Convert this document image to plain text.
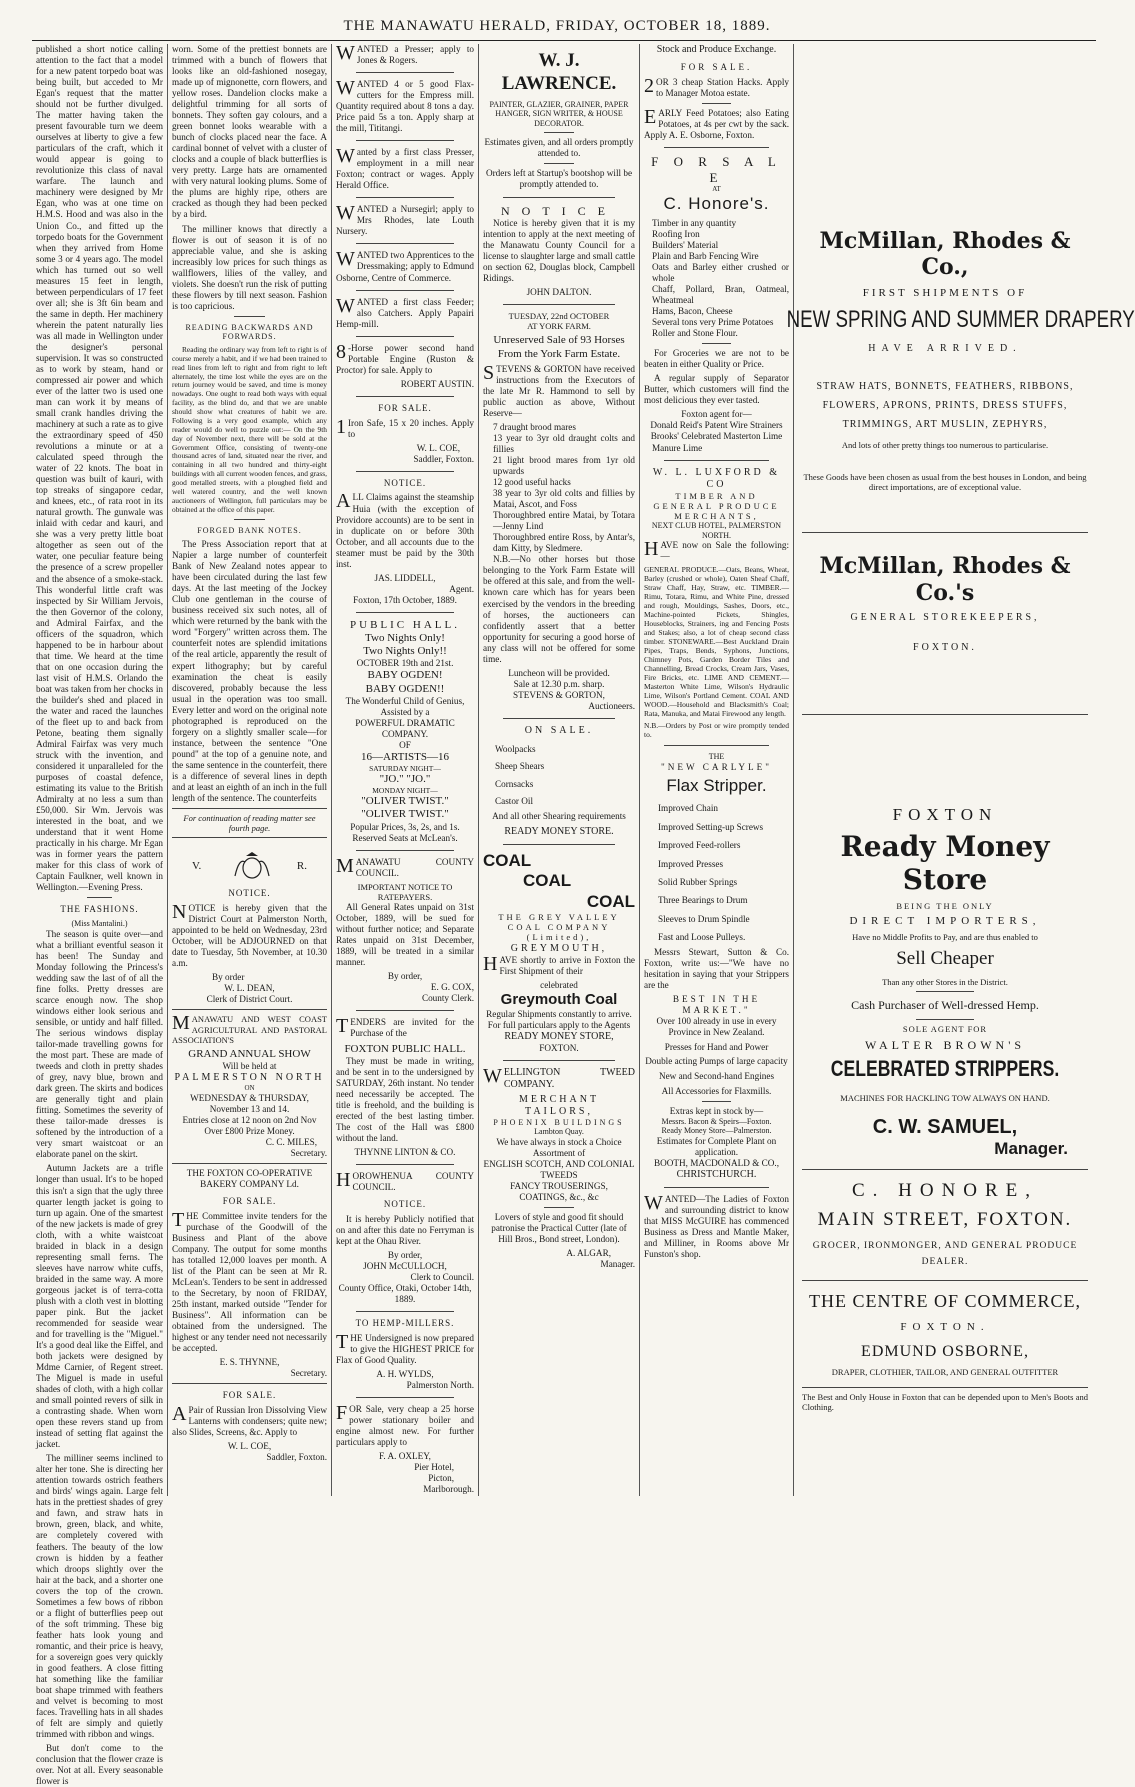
THE MANAWATU HERALD, FRIDAY, OCTOBER 18, 1889.

published a short notice calling attention to the fact that a model for a new patent torpedo boat was being built, but acceded to Mr Egan's request that the matter should not be further divulged. The matter having taken the present favourable turn we deem ourselves at liberty to give a few particulars of the craft, which it would appear is going to revolutionize this class of naval warfare. The launch and machinery were designed by Mr Egan, who was at one time on H.M.S. Hood and was also in the Union Co., and fitted up the torpedo boats for the Government when they arrived from Home some 3 or 4 years ago. The model which has turned out so well measures 15 feet in length, between perpendiculars of 17 feet over all; she is 3ft 6in beam and the same in depth. Her machinery wherein the patent naturally lies was all made in Wellington under the designer's personal supervision. It was so constructed as to work by steam, hand or compressed air power and which ever of the latter two is used one man can work it by means of small crank handles driving the machinery at such a rate as to give the extraordinary speed of 450 revolutions a minute or at a calculated speed through the water of 22 knots. The boat in question was built of kauri, with top streaks of singapore cedar, and knees, etc., of rata root in its natural growth. The gunwale was inlaid with cedar and kauri, and she was a very pretty little boat altogether as seen out of the water, one peculiar feature being the presence of a screw propeller and the absence of a smoke-stack. This wonderful little craft was inspected by Sir William Jervois, the then Governor of the colony, and Admiral Fairfax, and the officers of the squadron, which happened to be in harbour about that time. We heard at the time that on one occasion during the last visit of H.M.S. Orlando the boat was taken from her chocks in the builder's shed and placed in the water and raced the launches of the fleet up to and back from Petone, beating them signally Admiral Fairfax was very much struck with the invention, and considered it unparalleled for the purposes of coastal defence, estimating its value to the British Admiralty at no less a sum than £50,000. Sir Wm. Jervois was interested in the boat, and we understand that it went Home practically in his charge. Mr Egan was in former years the pattern maker for this class of work of Captain Faulkner, well known in Wellington.—Evening Press.

THE FASHIONS.
(Miss Mantalini.)

The season is quite over—and what a brilliant eventful season it has been! The Sunday and Monday following the Princess's wedding saw the last of of all the fine folks. Pretty dresses are scarce enough now. The shop windows either look serious and sensible, or untidy and half filled. The serious windows display tailor-made travelling gowns for the most part. These are made of tweeds and cloth in pretty shades of grey, navy blue, brown and dark green. The skirts and bodices are generally tight and plain fitting. Sometimes the severity of these tailor-made dresses is softened by the introduction of a very smart waistcoat or an elaborate panel on the skirt.

Autumn Jackets are a trifle longer than usual. It's to be hoped this isn't a sign that the ugly three quarter length jacket is going to turn up again. One of the smartest of the new jackets is made of grey cloth, with a white waistcoat braided in black in a design representing small ferns. The sleeves have narrow white cuffs, braided in the same way. A more gorgeous jacket is of terra-cotta plush with a cloth vest in blotting paper pink. But the jacket recommended for seaside wear and for travelling is the "Miguel." It's a good deal like the Eiffel, and both jackets were designed by Mdme Carnier, of Regent street. The Miguel is made in useful shades of cloth, with a high collar and small pointed revers of silk in a contrasting shade. When worn open these revers stand up from instead of setting flat against the jacket.

The milliner seems inclined to alter her tone. She is directing her attention towards ostrich feathers and birds' wings again. Large felt hats in the prettiest shades of grey and fawn, and straw hats in brown, green, black, and white, are completely covered with feathers. The beauty of the low crown is hidden by a feather which droops slightly over the hair at the back, and a shorter one covers the top of the crown. Sometimes a few bows of ribbon or a flight of butterflies peep out of the soft trimming. These big feather hats look young and romantic, and their price is heavy, for a sovereign goes very quickly in good feathers. A close fitting hat something like the familiar boat shape trimmed with feathers and velvet is becoming to most faces. Travelling hats in all shades of felt are simply and quietly trimmed with ribbon and wings.

But don't come to the conclusion that the flower craze is over. Not at all. Every seasonable flower is

worn. Some of the prettiest bonnets are trimmed with a bunch of flowers that looks like an old-fashioned nosegay, made up of mignonette, corn flowers, and yellow roses. Dandelion clocks make a delightful trimming for all sorts of bonnets. They soften gay colours, and a green bonnet looks wearable with a bunch of clocks placed near the face. A cardinal bonnet of velvet with a cluster of clocks and a couple of black butterflies is very pretty. Large hats are ornamented with very natural looking plums. Some of the plums are highly ripe, others are cracked as though they had been pecked by a bird.

The milliner knows that directly a flower is out of season it is of no appreciable value, and she is asking increasibly low prices for such things as wallflowers, lilies of the valley, and violets. She doesn't run the risk of putting these flowers by till next season. Fashion is too capricious.

READING BACKWARDS AND FORWARDS.

Reading the ordinary way from left to right is of course merely a habit, and if we had been trained to read lines from left to right and from right to left alternately, the time lost while the eyes are on the return journey would be saved, and time is money nowadays. One ought to read both ways with equal facility, as the blind do, and that we are unable should show what creatures of habit we are. Following is a very good example, which any reader would do well to puzzle out:— On the 9th day of November next, there will be sold at the Government Office, consisting of twenty-one thousand acres of land, situated near the river, and containing in all two hundred and thirty-eight buildings with all current wooden fences, and grass, good metalled streets, with a ploughed field and well watered country, and the well known auctioneers of Wellington, full particulars may be obtained at the office of this paper.

FORGED BANK NOTES.

The Press Association report that at Napier a large number of counterfeit Bank of New Zealand notes appear to have been circulated during the last few days. At the last meeting of the Jockey Club one gentleman in the course of business received six such notes, all of which were returned by the bank with the word "Forgery" written across them. The counterfeit notes are splendid imitations of the real article, apparently the result of expert lithography; but by careful examination the cheat is easily discovered, probably because the less usual in the operation was too small. Every letter and word on the original note photographed is reproduced on the forgery on a slightly smaller scale—for instance, between the sentence "One pound" at the top of a genuine note, and the same sentence in the counterfeit, there is a difference of several lines in depth and at least an eighth of an inch in the full length of the sentence. The counterfeits

For continuation of reading matter see fourth page.
V.	R.
NOTICE.

NOTICE is hereby given that the District Court at Palmerston North, appointed to be held on Wednesday, 23rd October, will be ADJOURNED on that date to Tuesday, 5th November, at 10.30 a.m.

By order

W. L. DEAN,
Clerk of District Court.

MANAWATU AND WEST COAST AGRICULTURAL AND PASTORAL ASSOCIATION'S

GRAND ANNUAL SHOW
Will be held at
PALMERSTON NORTH
ON
WEDNESDAY & THURSDAY,
November 13 and 14.
Entries close at 12 noon on 2nd Nov
Over £800 Prize Money.
C. C. MILES,
Secretary.
THE FOXTON CO-OPERATIVE BAKERY COMPANY Ld.
FOR SALE.

THE Committee invite tenders for the purchase of the Goodwill of the Business and Plant of the above Company. The output for some months has totalled 12,000 loaves per month. A list of the Plant can be seen at Mr R. McLean's. Tenders to be sent in addressed to the Secretary, by noon of FRIDAY, 25th instant, marked outside "Tender for Business". All information can be obtained from the undersigned. The highest or any tender need not necessarily be accepted.

E. S. THYNNE,
Secretary.
FOR SALE.

APair of Russian Iron Dissolving View Lanterns with condensers; quite new; also Slides, Screens, &c. Apply to

W. L. COE,
Saddler, Foxton.

WANTED a Presser; apply to Jones & Rogers.

WANTED 4 or 5 good Flax-cutters for the Empress mill. Quantity required about 8 tons a day. Price paid 5s a ton. Apply sharp at the mill, Tititangi.

Wanted by a first class Presser, employment in a mill near Foxton; contract or wages. Apply Herald Office.

WANTED a Nursegirl; apply to Mrs Rhodes, late Louth Nursery.

WANTED two Apprentices to the Dressmaking; apply to Edmund Osborne, Centre of Commerce.

WANTED a first class Feeder; also Catchers. Apply Papairi Hemp-mill.

8-Horse power second hand Portable Engine (Ruston & Proctor) for sale. Apply to

ROBERT AUSTIN.
FOR SALE.

1Iron Safe, 15 x 20 inches. Apply to

W. L. COE,
Saddler, Foxton.
NOTICE.

ALL Claims against the steamship Huia (with the exception of Providore accounts) are to be sent in in duplicate on or before 30th October, and all accounts due to the steamer must be paid by the 30th inst.

JAS. LIDDELL,
Agent.
Foxton, 17th October, 1889.
PUBLIC HALL.
Two Nights Only!
Two Nights Only!!
OCTOBER 19th and 21st.
BABY OGDEN!
BABY OGDEN!!
The Wonderful Child of Genius,
Assisted by a
POWERFUL DRAMATIC COMPANY.
OF
16—ARTISTS—16
SATURDAY NIGHT—
"JO." "JO."
MONDAY NIGHT—
"OLIVER TWIST."
"OLIVER TWIST."
Popular Prices, 3s, 2s, and 1s.
Reserved Seats at McLean's.

MANAWATU COUNTY COUNCIL.

IMPORTANT NOTICE TO RATEPAYERS.

All General Rates unpaid on 31st October, 1889, will be sued for without further notice; and Separate Rates unpaid on 31st December, 1889, will be treated in a similar manner.

By order,
E. G. COX,
County Clerk.

TENDERS are invited for the Purchase of the

FOXTON PUBLIC HALL.

They must be made in writing, and be sent in to the undersigned by SATURDAY, 26th instant. No tender need necessarily be accepted. The title is freehold, and the building is erected of the best lasting timber. The cost of the Hall was £800 without the land.

THYNNE LINTON & CO.

HOROWHENUA COUNTY COUNCIL.

NOTICE.

It is hereby Publicly notified that on and after this date no Ferryman is kept at the Ohau River.

By order,
JOHN McCULLOCH,
Clerk to Council.
County Office, Otaki, October 14th, 1889.
TO HEMP-MILLERS.

THE Undersigned is now prepared to give the HIGHEST PRICE for Flax of Good Quality.

A. H. WYLDS,
Palmerston North.

FOR Sale, very cheap a 25 horse power stationary boiler and engine almost new. For further particulars apply to

F. A. OXLEY,
Pier Hotel,
Picton,
Marlborough.
W. J. LAWRENCE.
PAINTER, GLAZIER, GRAINER, PAPER HANGER, SIGN WRITER, & HOUSE DECORATOR.
Estimates given, and all orders promptly attended to.
Orders left at Startup's bootshop will be promptly attended to.
NOTICE

Notice is hereby given that it is my intention to apply at the next meeting of the Manawatu County Council for a license to slaughter large and small cattle on section 62, Douglas block, Campbell Ridings.

JOHN DALTON.
TUESDAY, 22nd OCTOBER
AT YORK FARM.
Unreserved Sale of 93 Horses From the York Farm Estate.

STEVENS & GORTON have received instructions from the Executors of the late Mr R. Hammond to sell by public auction as above, Without Reserve—

7 draught brood mares
13 year to 3yr old draught colts and fillies
21 light brood mares from 1yr old upwards
12 good useful hacks
38 year to 3yr old colts and fillies by Matai, Ascot, and Foss
Thoroughbred entire Matai, by Totara—Jenny Lind
Thoroughbred entire Ross, by Antar's, dam Kitty, by Sledmere.

N.B.—No other horses but those belonging to the York Farm Estate will be offered at this sale, and from the well-known care which has for years been exercised by the vendors in the breeding of horses, the auctioneers can confidently assert that a better opportunity for securing a good horse of any class will not be offered for some time.

Luncheon will be provided.
Sale at 12.30 p.m. sharp.
STEVENS & GORTON,
Auctioneers.
ON SALE.
Woolpacks
Sheep Shears
Cornsacks
Castor Oil
And all other Shearing requirements
READY MONEY STORE.
COAL
COAL
COAL
THE GREY VALLEY COAL COMPANY (Limited),
GREYMOUTH,

HAVE shortly to arrive in Foxton the First Shipment of their

celebrated
Greymouth Coal
Regular Shipments constantly to arrive.
For full particulars apply to the Agents
READY MONEY STORE,
FOXTON.

WELLINGTON TWEED COMPANY.

MERCHANT TAILORS,
PHOENIX BUILDINGS
Lambton Quay.
We have always in stock a Choice Assortment of
ENGLISH SCOTCH, AND COLONIAL TWEEDS
FANCY TROUSERINGS,
COATINGS, &c., &c

Lovers of style and good fit should patronise the Practical Cutter (late of Hill Bros., Bond street, London).

A. ALGAR,
Manager.
Stock and Produce Exchange.
FOR SALE.

2OR 3 cheap Station Hacks. Apply to Manager Motoa estate.

EARLY Feed Potatoes; also Eating Potatoes, at 4s per cwt by the sack. Apply A. E. Osborne, Foxton.

F O R S A L E
AT
C. Honore's.
Timber in any quantity
Roofing Iron
Builders' Material
Plain and Barb Fencing Wire
Oats and Barley either crushed or whole
Chaff, Pollard, Bran, Oatmeal, Wheatmeal
Hams, Bacon, Cheese
Several tons very Prime Potatoes
Roller and Stone Flour.

For Groceries we are not to be beaten in either Quality or Price.

A regular supply of Separator Butter, which customers will find the most delicious they ever tasted.

Foxton agent for—
Donald Reid's Patent Wire Strainers
Brooks' Celebrated Masterton Lime
Manure Lime
W. L. LUXFORD & CO
TIMBER AND GENERAL PRODUCE MERCHANTS,
NEXT CLUB HOTEL, PALMERSTON NORTH.

HAVE now on Sale the following:—

GENERAL PRODUCE.—Oats, Beans, Wheat, Barley (crushed or whole), Oaten Sheaf Chaff, Straw Chaff, Hay, Straw, etc. TIMBER.—Rimu, Totara, Rimu, and White Pine, dressed and rough, Mouldings, Sashes, Doors, etc., Machine-pointed Pickets, Shingles, Houseblocks, Strainers, ing and Fencing Posts and Stakes; also, a lot of cheap second class timber. STONEWARE.—Best Auckland Drain Pipes, Traps, Bends, Syphons, Junctions, Chimney Pots, Garden Border Tiles and Channelling, Bread Crocks, Cream Jars, Vases, Fire Bricks, etc. LIME AND CEMENT.—Masterton White Lime, Wilson's Hydraulic Lime, Wilson's Portland Cement. COAL AND WOOD.—Household and Blacksmith's Coal; Rata, Manuka, and Matai Firewood any length.

N.B.—Orders by Post or wire promptly tended to.

THE
"NEW CARLYLE"
Flax Stripper.
Improved Chain
Improved Setting-up Screws
Improved Feed-rollers
Improved Presses
Solid Rubber Springs
Three Bearings to Drum
Sleeves to Drum Spindle
Fast and Loose Pulleys.

Messrs Stewart, Sutton & Co. Foxton, write us:—"We have no hesitation in saying that your Strippers are the

BEST IN THE MARKET."
Over 100 already in use in every Province in New Zealand.
Presses for Hand and Power
Double acting Pumps of large capacity
New and Second-hand Engines
All Accessories for Flaxmills.
Extras kept in stock by—
Messrs. Bacon & Speirs—Foxton.
Ready Money Store—Palmerston.
Estimates for Complete Plant on application.
BOOTH, MACDONALD & CO.,
CHRISTCHURCH.

WANTED—The Ladies of Foxton and surrounding district to know that MISS McGUIRE has commenced Business as Dress and Mantle Maker, and Milliner, in Rooms above Mr Funston's shop.

McMillan, Rhodes & Co.,
FIRST SHIPMENTS OF
NEW SPRING AND SUMMER DRAPERY
HAVE ARRIVED.
STRAW HATS, BONNETS, FEATHERS, RIBBONS, FLOWERS, APRONS, PRINTS, DRESS STUFFS, TRIMMINGS, ART MUSLIN, ZEPHYRS,
And lots of other pretty things too numerous to particularise.
These Goods have been chosen as usual from the best houses in London, and being direct importations, are of exceptional value.
McMillan, Rhodes & Co.'s
GENERAL STOREKEEPERS,
FOXTON.
FOXTON
Ready Money Store
BEING THE ONLY
DIRECT IMPORTERS,
Have no Middle Profits to Pay, and are thus enabled to
Sell Cheaper
Than any other Stores in the District.
Cash Purchaser of Well-dressed Hemp.
SOLE AGENT FOR
WALTER BROWN'S
CELEBRATED STRIPPERS.
MACHINES FOR HACKLING TOW ALWAYS ON HAND.
C. W. SAMUEL,
Manager.
C. HONORE,
MAIN STREET, FOXTON.
GROCER, IRONMONGER, AND GENERAL PRODUCE DEALER.
THE CENTRE OF COMMERCE,
FOXTON.
EDMUND OSBORNE,
DRAPER, CLOTHIER, TAILOR, AND GENERAL OUTFITTER
The Best and Only House in Foxton that can be depended upon to Men's Boots and Clothing.
